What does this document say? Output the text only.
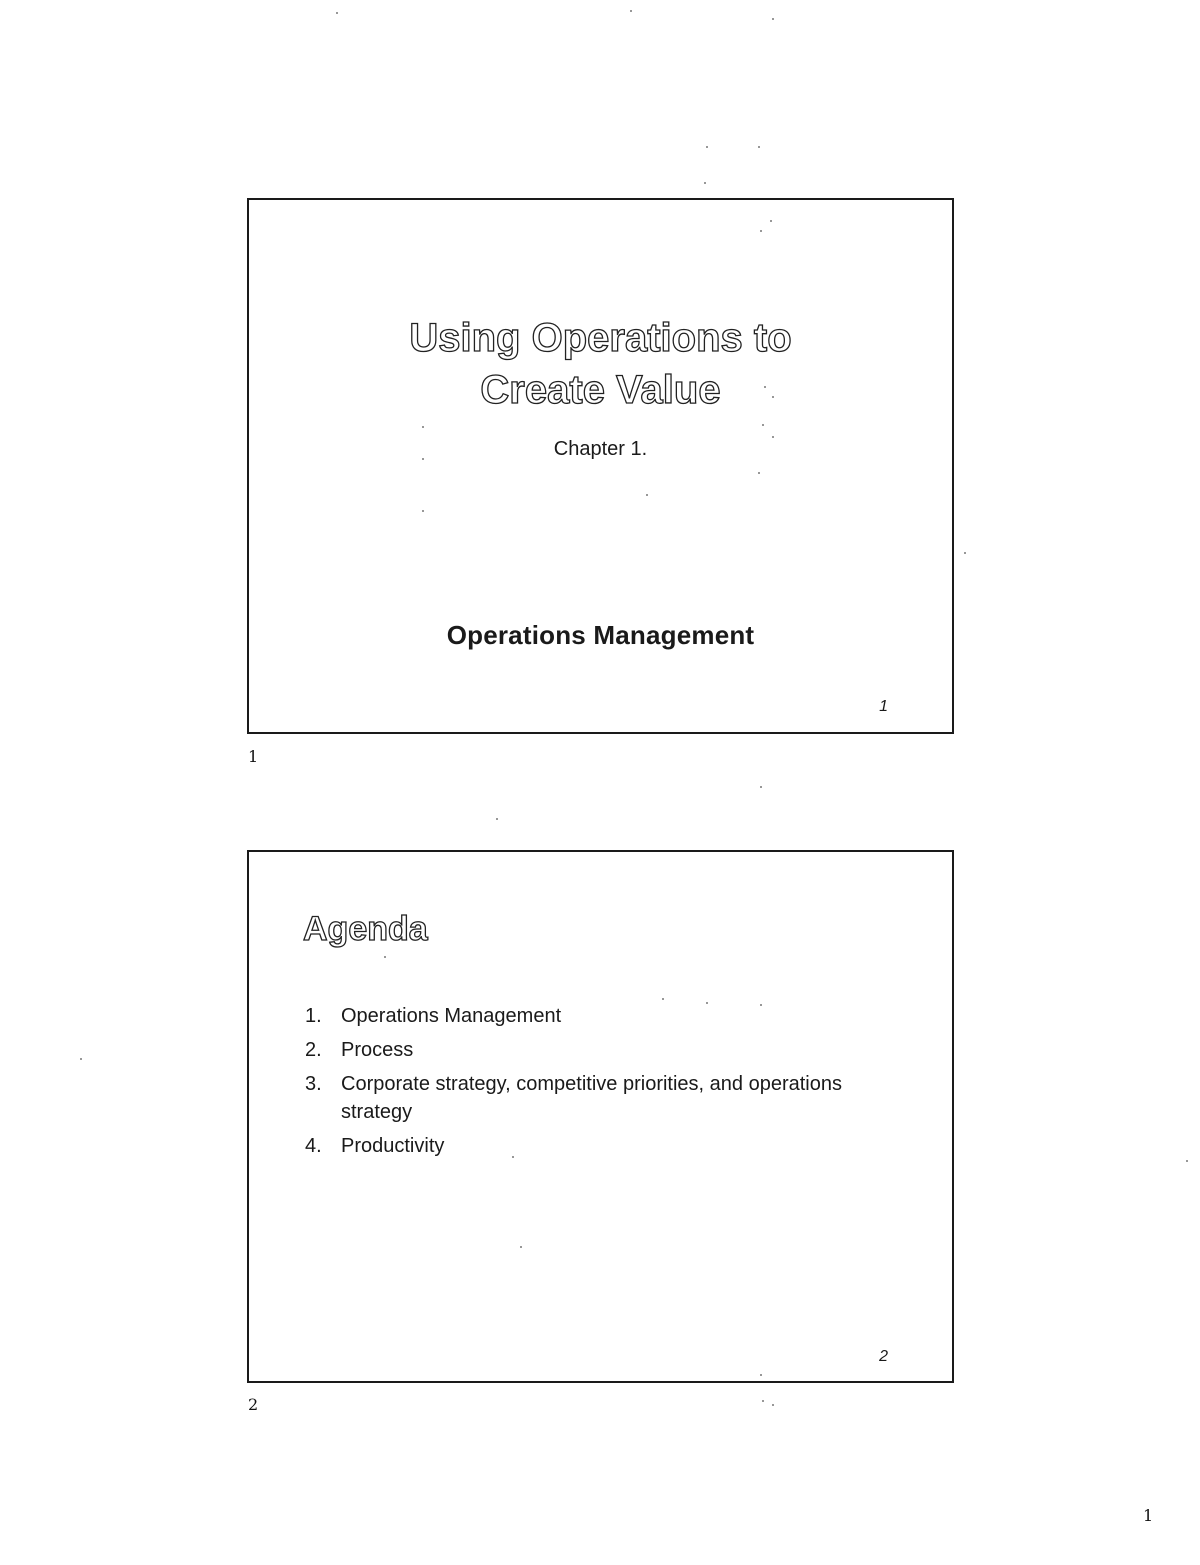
Using Operations to
Create Value
Chapter 1.
Operations Management
1
1
Agenda
1. Operations Management
2. Process
3. Corporate strategy, competitive priorities, and operations strategy
4. Productivity
2
2
1
